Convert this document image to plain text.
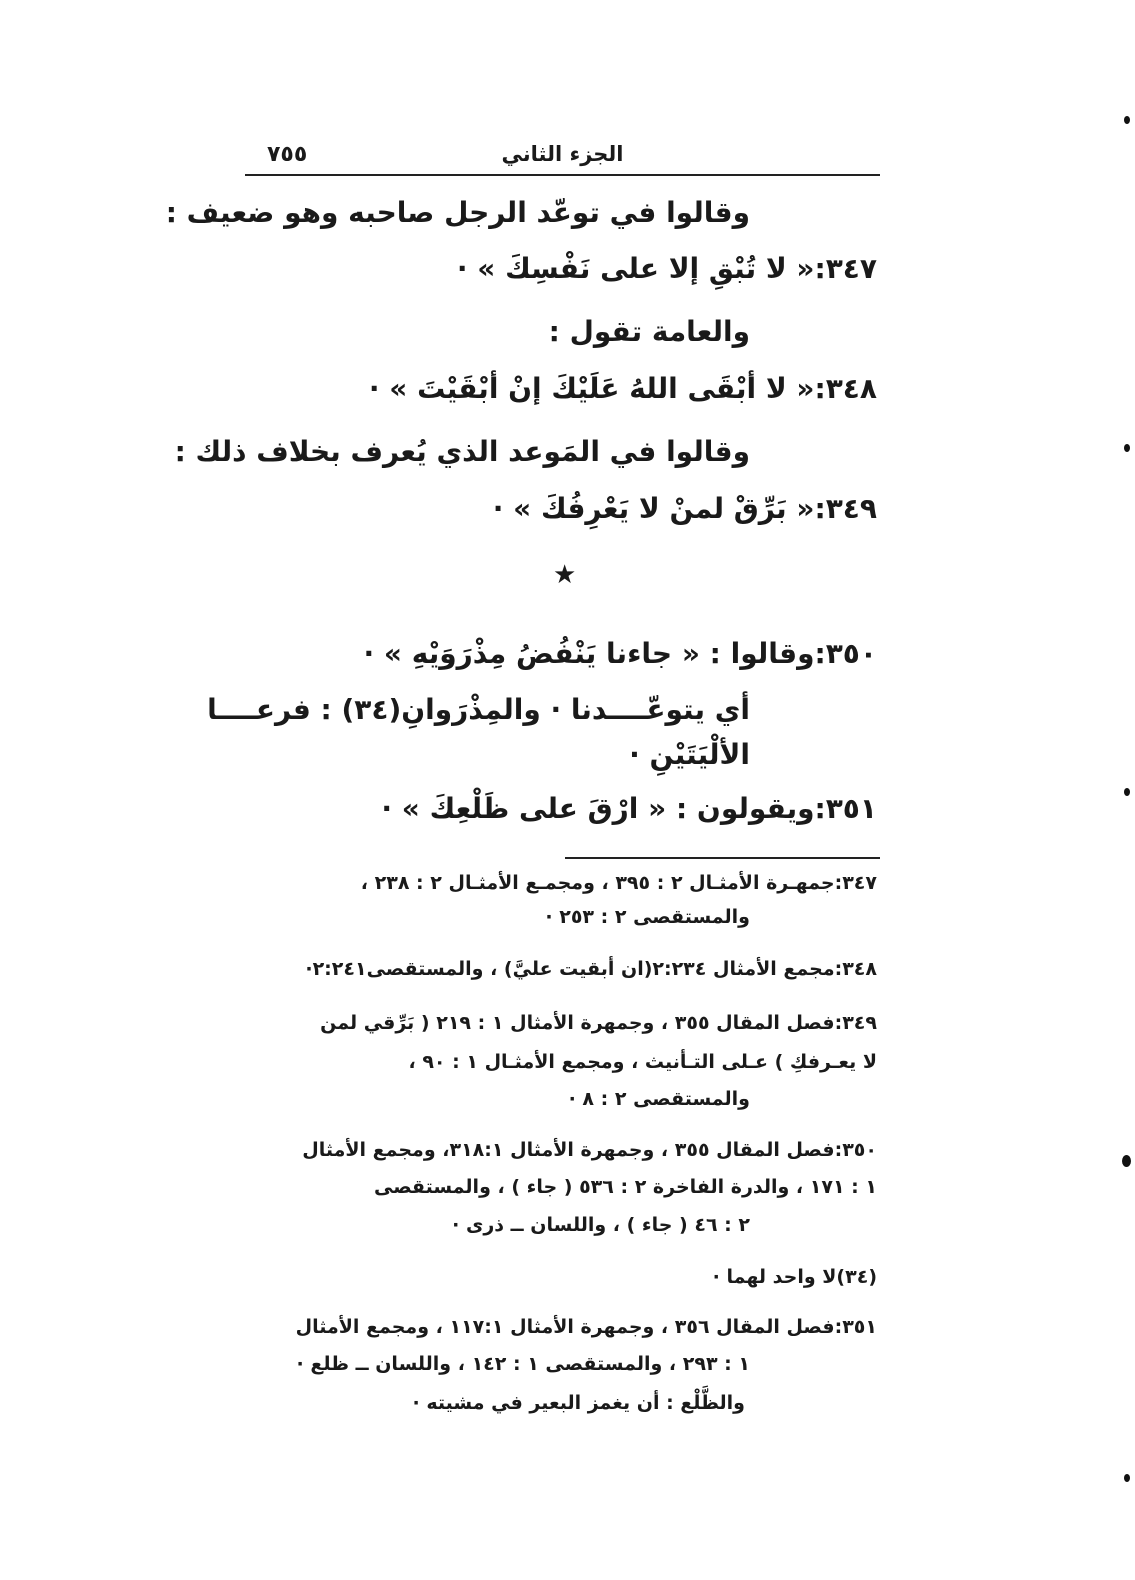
٧٥٥	الجزء الثاني
وقالوا في توعّد الرجل صاحبه وهو ضعيف :
٣٤٧:« لا تُبْقِ إلا على نَفْسِكَ » ·
والعامة تقول :
٣٤٨:« لا أبْقَى اللهُ عَلَيْكَ إنْ أبْقَيْتَ » ·
وقالوا في المَوعد الذي يُعرف بخلاف ذلك :
٣٤٩:« بَرِّقْ لمنْ لا يَعْرِفُكَ » ·
★
٣٥٠:وقالوا : « جاءنا يَنْفُضُ مِذْرَوَيْهِ » ·
أي يتوعّــــدنا · والمِذْرَوانِ(٣٤) : فرعــــا
الألْيَتَيْنِ ·
٣٥١:ويقولون : « ارْقَ على ظَلْعِكَ » ·
٣٤٧:جمهـرة الأمثـال ٢ : ٣٩٥ ، ومجمـع الأمثـال ٢ : ٢٣٨ ،
والمستقصى ٢ : ٢٥٣ ·
٣٤٨:مجمع الأمثال ٢:٢٣٤(ان أبقيت عليَّ) ، والمستقصى٢:٢٤١·
٣٤٩:فصل المقال ٣٥٥ ، وجمهرة الأمثال ١ : ٢١٩ ( بَرِّقي لمن
لا يعـرفكِ ) عـلى التـأنيث ، ومجمع الأمثـال ١ : ٩٠ ،
والمستقصى ٢ : ٨ ·
٣٥٠:فصل المقال ٣٥٥ ، وجمهرة الأمثال ٣١٨:١، ومجمع الأمثال
١ : ١٧١ ، والدرة الفاخرة ٢ : ٥٣٦ ( جاء ) ، والمستقصى
٢ : ٤٦ ( جاء ) ، واللسان ــ ذرى ·
(٣٤)لا واحد لهما ·
٣٥١:فصل المقال ٣٥٦ ، وجمهرة الأمثال ١١٧:١ ، ومجمع الأمثال
١ : ٢٩٣ ، والمستقصى ١ : ١٤٢ ، واللسان ــ ظلع ·
والظَّلْع : أن يغمز البعير في مشيته ·
